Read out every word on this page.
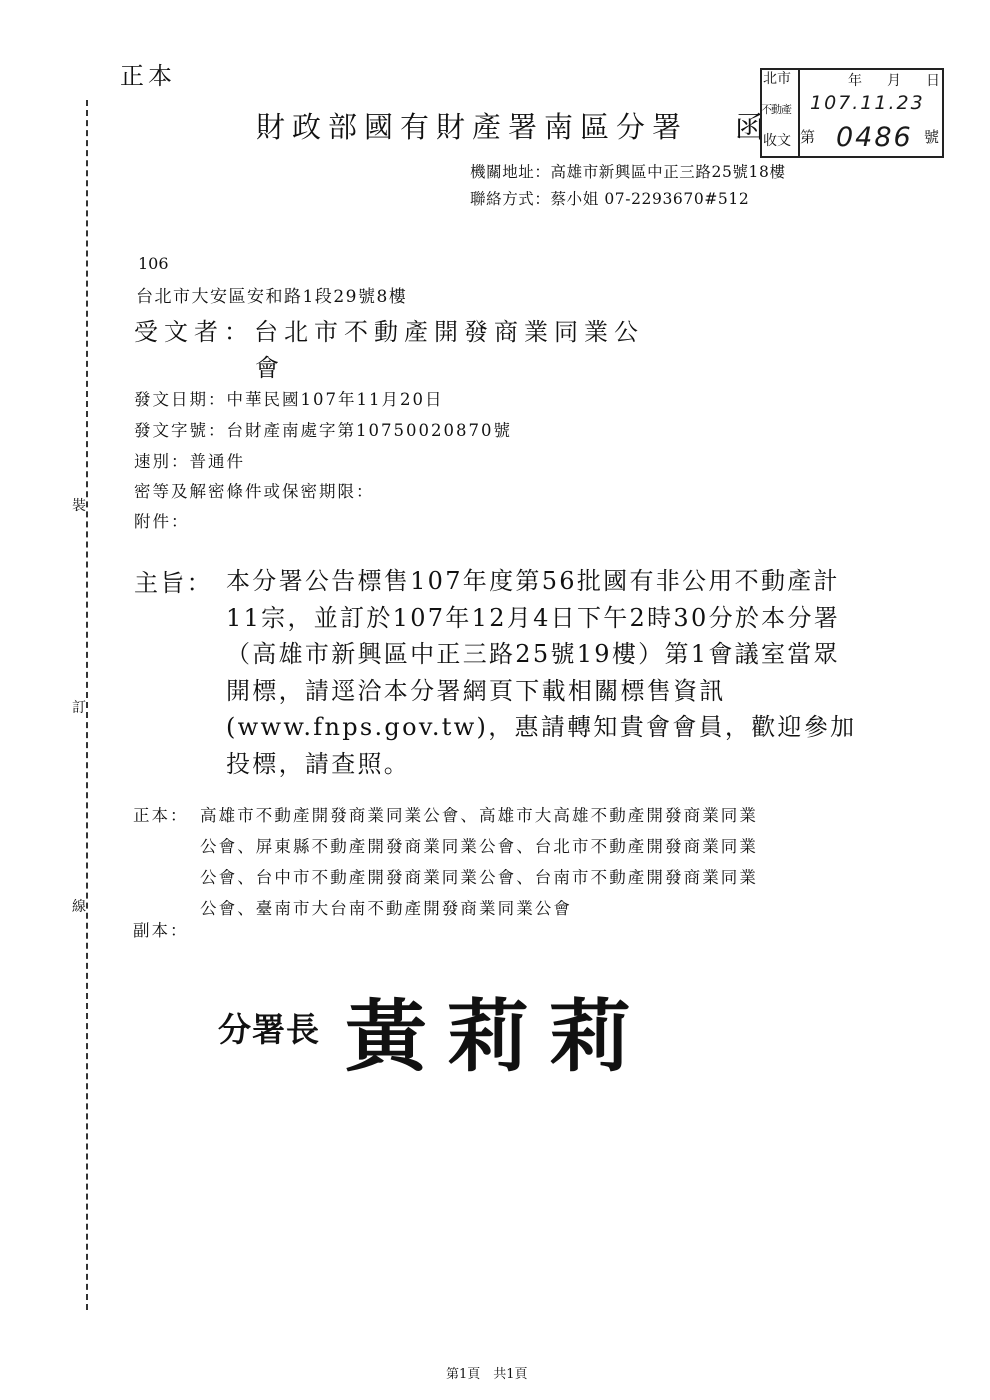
正本
財政部國有財產署南區分署 函
北市
不動產
收文
年 月 日
107.11.23
第 0486 號
機關地址：高雄市新興區中正三路25號18樓
聯絡方式：蔡小姐 07-2293670#512
裝
訂
線
106
台北市大安區安和路1段29號8樓
受文者：台北市不動產開發商業同業公
會
發文日期：中華民國107年11月20日
發文字號：台財產南處字第10750020870號
速別：普通件
密等及解密條件或保密期限：
附件：
主旨： 本分署公告標售107年度第56批國有非公用不動產計
11宗，並訂於107年12月4日下午2時30分於本分署
（高雄市新興區中正三路25號19樓）第1會議室當眾
開標，請逕洽本分署網頁下載相關標售資訊
(www.fnps.gov.tw)，惠請轉知貴會會員，歡迎參加
投標，請查照。
正本： 高雄市不動產開發商業同業公會、高雄市大高雄不動產開發商業同業
公會、屏東縣不動產開發商業同業公會、台北市不動產開發商業同業
公會、台中市不動產開發商業同業公會、台南市不動產開發商業同業
公會、臺南市大台南不動產開發商業同業公會
副本：
分署長 黃莉莉
第1頁　共1頁
